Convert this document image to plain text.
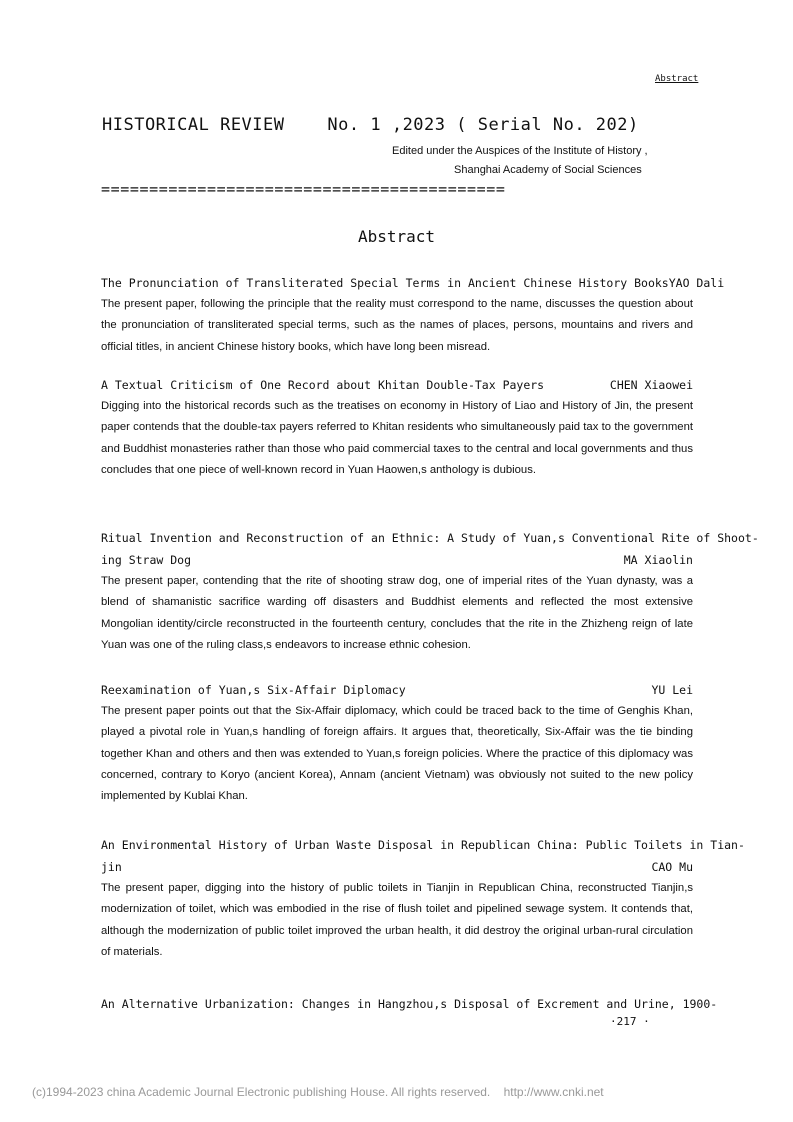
Abstract
HISTORICAL REVIEW    No. 1 ,2023 ( Serial No. 202)
Edited under the Auspices of the Institute of History ,
Shanghai Academy of Social Sciences
==========================================
Abstract
The Pronunciation of Transliterated Special Terms in Ancient Chinese History Books YAO Dali

The present paper, following the principle that the reality must correspond to the name, discusses the question about the pronunciation of transliterated special terms, such as the names of places, persons, mountains and rivers and official titles, in ancient Chinese history books, which have long been misread.

A Textual Criticism of One Record about Khitan Double-Tax Payers	CHEN Xiaowei

Digging into the historical records such as the treatises on economy in History of Liao and History of Jin, the present paper contends that the double-tax payers referred to Khitan residents who simultaneously paid tax to the government and Buddhist monasteries rather than those who paid commercial taxes to the central and local governments and thus concludes that one piece of well-known record in Yuan Haowen,s anthology is dubious.

Ritual Invention and Reconstruction of an Ethnic: A Study of Yuan,s Conventional Rite of Shoot-
ing Straw Dog	MA Xiaolin

The present paper, contending that the rite of shooting straw dog, one of imperial rites of the Yuan dynasty, was a blend of shamanistic sacrifice warding off disasters and Buddhist elements and reflected the most extensive Mongolian identity/circle reconstructed in the fourteenth century, concludes that the rite in the Zhizheng reign of late Yuan was one of the ruling class,s endeavors to increase ethnic cohesion.

Reexamination of Yuan,s Six-Affair Diplomacy	YU Lei

The present paper points out that the Six-Affair diplomacy, which could be traced back to the time of Genghis Khan, played a pivotal role in Yuan,s handling of foreign affairs. It argues that, theoretically, Six-Affair was the tie binding together Khan and others and then was extended to Yuan,s foreign policies. Where the practice of this diplomacy was concerned, contrary to Koryo (ancient Korea), Annam (ancient Vietnam) was obviously not suited to the new policy implemented by Kublai Khan.

An Environmental History of Urban Waste Disposal in Republican China: Public Toilets in Tian-
jin	CAO Mu

The present paper, digging into the history of public toilets in Tianjin in Republican China, reconstructed Tianjin,s modernization of toilet, which was embodied in the rise of flush toilet and pipelined sewage system. It contends that, although the modernization of public toilet improved the urban health, it did destroy the original urban-rural circulation of materials.

An Alternative Urbanization: Changes in Hangzhou,s Disposal of Excrement and Urine, 1900-
·217 ·
(c)1994-2023 china Academic Journal Electronic publishing House. All rights reserved.    http://www.cnki.net
